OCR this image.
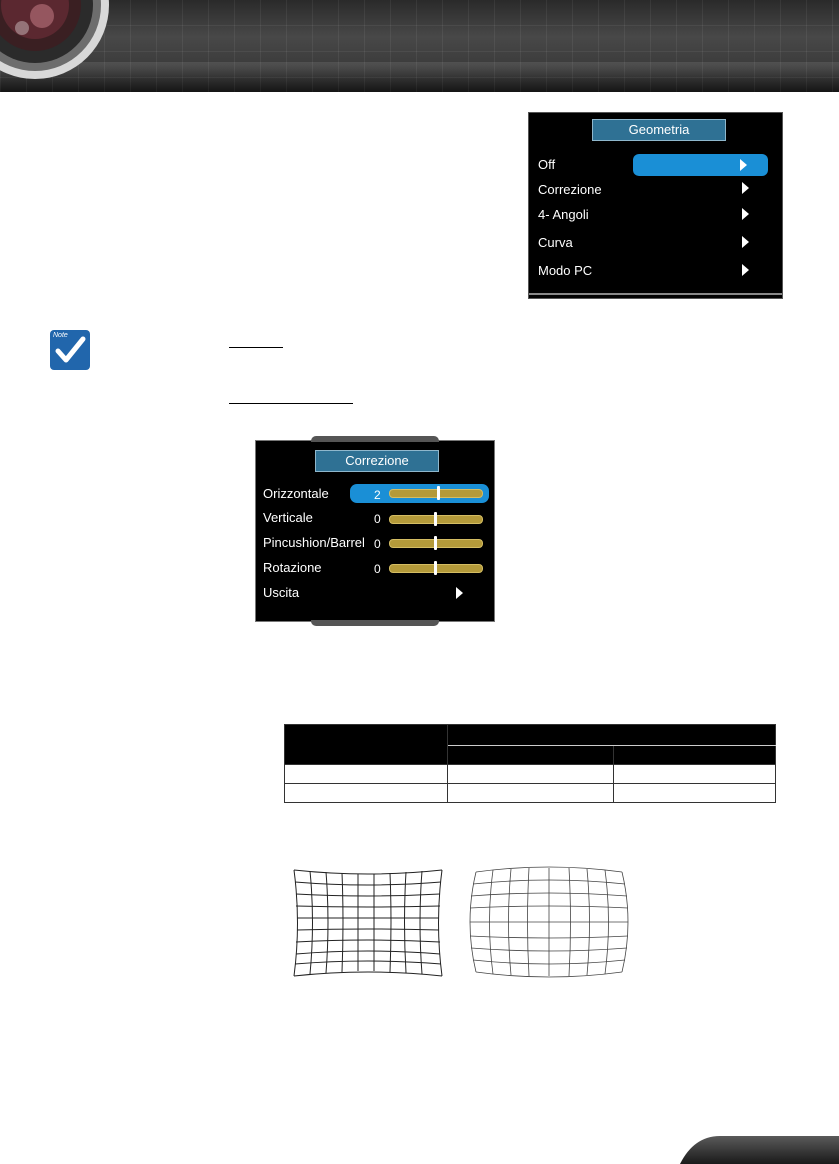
Geometria
Off
Correzione
4- Angoli
Curva
Modo PC
Note
Correzione
Orizzontale	2
Verticale	0
Pincushion/Barrel 0
Rotazione	0
Uscita
